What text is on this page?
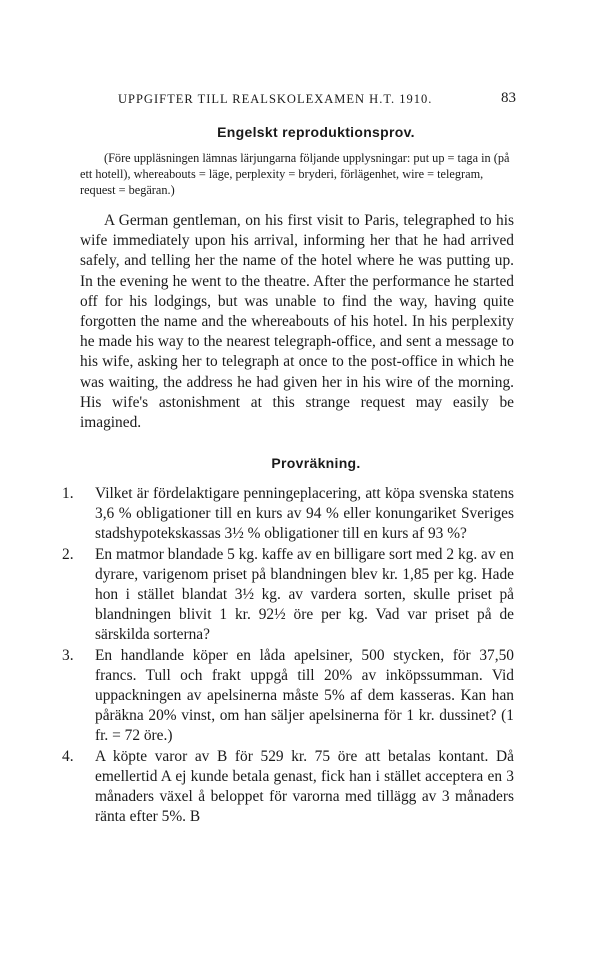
UPPGIFTER TILL REALSKOLEXAMEN H.T. 1910.	83
Engelskt reproduktionsprov.
(Före uppläsningen lämnas lärjungarna följande upplysningar: put up = taga in (på ett hotell), whereabouts = läge, perplexity = bryderi, förlägenhet, wire = telegram, request = begäran.)
A German gentleman, on his first visit to Paris, telegraphed to his wife immediately upon his arrival, informing her that he had arrived safely, and telling her the name of the hotel where he was putting up. In the evening he went to the theatre. After the performance he started off for his lodgings, but was unable to find the way, having quite forgotten the name and the whereabouts of his hotel. In his perplexity he made his way to the nearest telegraph-office, and sent a message to his wife, asking her to telegraph at once to the post-office in which he was waiting, the address he had given her in his wire of the morning. His wife's astonishment at this strange request may easily be imagined.
Provräkning.
1. Vilket är fördelaktigare penningeplacering, att köpa svenska statens 3,6 % obligationer till en kurs av 94 % eller konungariket Sveriges stadshypotekskassas 3½ % obligationer till en kurs af 93 %?
2. En matmor blandade 5 kg. kaffe av en billigare sort med 2 kg. av en dyrare, varigenom priset på blandningen blev kr. 1,85 per kg. Hade hon i stället blandat 3½ kg. av vardera sorten, skulle priset på blandningen blivit 1 kr. 92½ öre per kg. Vad var priset på de särskilda sorterna?
3. En handlande köper en låda apelsiner, 500 stycken, för 37,50 francs. Tull och frakt uppgå till 20% av inköpssumman. Vid uppackningen av apelsinerna måste 5% af dem kasseras. Kan han påräkna 20% vinst, om han säljer apelsinerna för 1 kr. dussinet? (1 fr. = 72 öre.)
4. A köpte varor av B för 529 kr. 75 öre att betalas kontant. Då emellertid A ej kunde betala genast, fick han i stället acceptera en 3 månaders växel å beloppet för varorna med tillägg av 3 månaders ränta efter 5%. B
